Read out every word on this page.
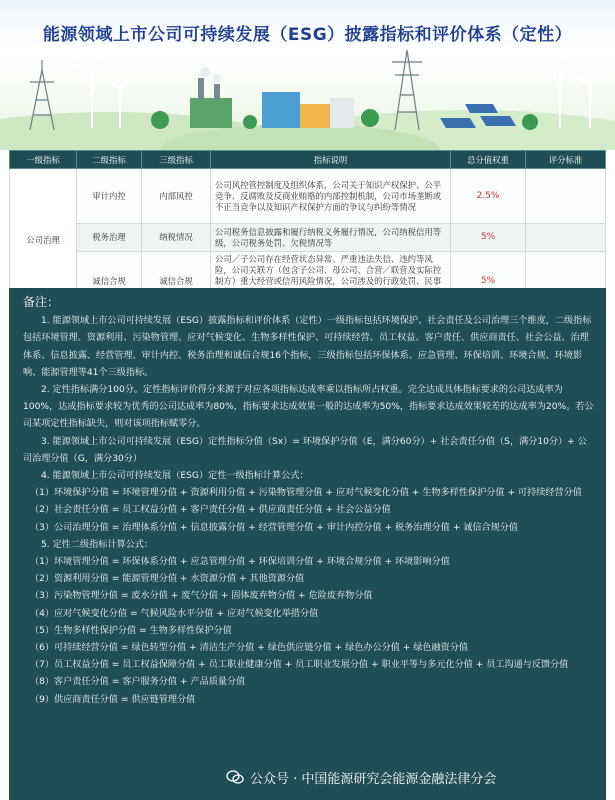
能源领域上市公司可持续发展（ESG）披露指标和评价体系（定性）
一级指标	二级指标	三级指标	指标说明	总分值权重	评分标准
公司治理	审计内控	内部风控	公司风控管控制度及组织体系，公司关于知识产权保护、公平竞争、反腐败及反商业贿赂的内部控制机制，公司市场垄断或不正当竞争以及知识产权保护方面的争议与纠纷等情况	2.5%	
	税务治理	纳税情况	公司税务信息披露和履行纳税义务履行情况，公司纳税信用等级，公司税务处罚、欠税情况等	5%	
	诚信合规	诚信合规	公司／子公司存在经营状态异常、严重违法失信、违约等风险，公司关联方（包含子公司、母公司、合营／联营及实际控制方）重大经营或信用风险情况，公司涉及的行政处罚、民事	5%	
备注：

1. 能源领域上市公司可持续发展（ESG）披露指标和评价体系（定性）一级指标包括环境保护、社会责任及公司治理三个维度，二级指标包括环境管理、资源利用、污染物管理、应对气候变化、生物多样性保护、可持续经营、员工权益、客户责任、供应商责任、社会公益、治理体系、信息披露、经营管理、审计内控、税务治理和诚信合规16个指标，三级指标包括环保体系、应急管理、环保培训、环境合规、环境影响、能源管理等41个三级指标。

2. 定性指标满分100分。定性指标评价得分来源于对应各项指标达成率乘以指标所占权重。完全达成具体指标要求的公司达成率为100%，达成指标要求较为优秀的公司达成率为80%，指标要求达成效果一般的达成率为50%，指标要求达成效果较差的达成率为20%。若公司某项定性指标缺失，则对该项指标赋零分。

3. 能源领域上市公司可持续发展（ESG）定性指标分值（Sx）= 环境保护分值（E，满分60分）+ 社会责任分值（S，满分10分）+ 公司治理分值（G，满分30分）

4. 能源领域上市公司可持续发展（ESG）定性一级指标计算公式：

（1）环境保护分值 = 环境管理分值 + 资源利用分值 + 污染物管理分值 + 应对气候变化分值 + 生物多样性保护分值 + 可持续经营分值

（2）社会责任分值 = 员工权益分值 + 客户责任分值 + 供应商责任分值 + 社会公益分值

（3）公司治理分值 = 治理体系分值 + 信息披露分值 + 经营管理分值 + 审计内控分值 + 税务治理分值 + 诚信合规分值

5. 定性二级指标计算公式：

（1）环境管理分值 = 环保体系分值 + 应急管理分值 + 环保培训分值 + 环境合规分值 + 环境影响分值

（2）资源利用分值 = 能源管理分值 + 水资源分值 + 其他资源分值

（3）污染物管理分值 = 废水分值 + 废气分值 + 固体废弃物分值 + 危险废弃物分值

（4）应对气候变化分值 = 气候风险水平分值 + 应对气候变化举措分值

（5）生物多样性保护分值 = 生物多样性保护分值

（6）可持续经营分值 = 绿色转型分值 + 清洁生产分值 + 绿色供应链分值 + 绿色办公分值 + 绿色融资分值

（7）员工权益分值 = 员工权益保障分值 + 员工职业健康分值 + 员工职业发展分值 + 职业平等与多元化分值 + 员工沟通与反馈分值

（8）客户责任分值 = 客户服务分值 + 产品质量分值

（9）供应商责任分值 = 供应链管理分值

公众号 · 中国能源研究会能源金融法律分会
